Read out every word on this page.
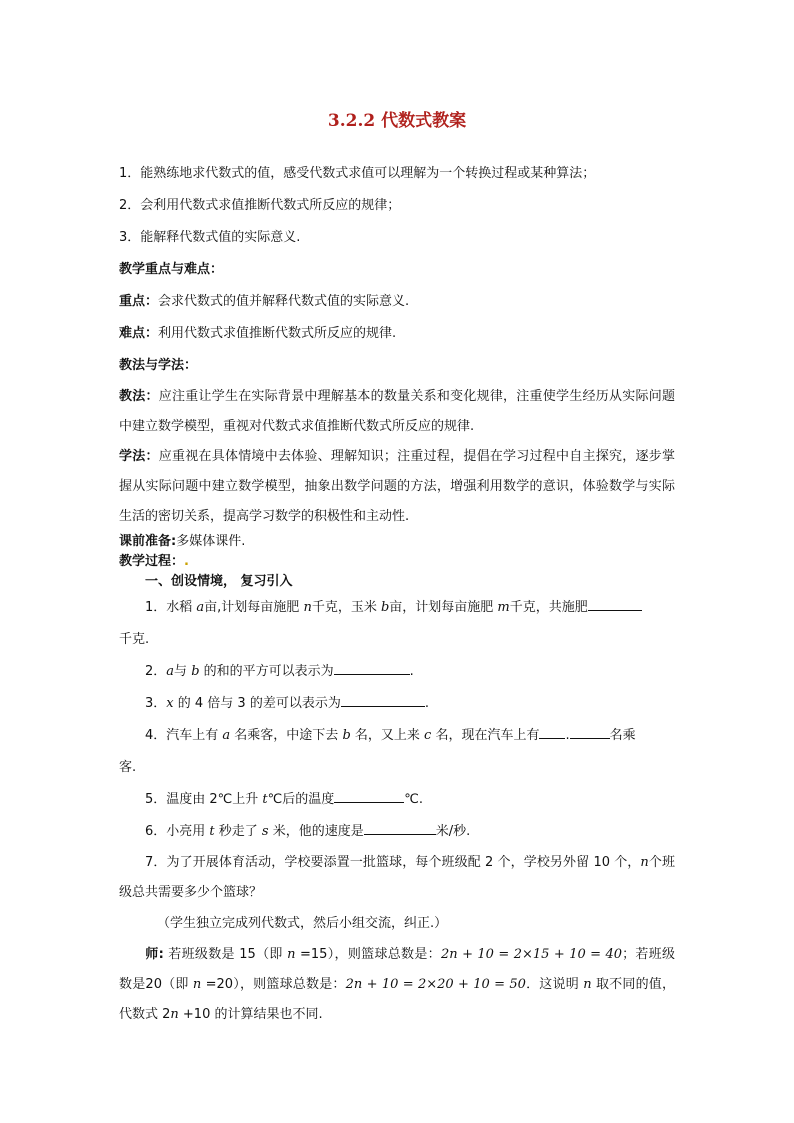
3.2.2 代数式教案

1．能熟练地求代数式的值，感受代数式求值可以理解为一个转换过程或某种算法；

2．会利用代数式求值推断代数式所反应的规律；

3．能解释代数式值的实际意义.

教学重点与难点：

重点：会求代数式的值并解释代数式值的实际意义.

难点：利用代数式求值推断代数式所反应的规律.

教法与学法：

教法：应注重让学生在实际背景中理解基本的数量关系和变化规律，注重使学生经历从实际问题中建立数学模型，重视对代数式求值推断代数式所反应的规律.

学法：应重视在具体情境中去体验、理解知识；注重过程，提倡在学习过程中自主探究，逐步掌握从实际问题中建立数学模型，抽象出数学问题的方法，增强利用数学的意识，体验数学与实际生活的密切关系，提高学习数学的积极性和主动性.

课前准备:多媒体课件.

教学过程：.

一、创设情境， 复习引入

1．水稻 a亩,计划每亩施肥 n千克，玉米 b亩，计划每亩施肥 m千克，共施肥

千克.

2．a与 b 的和的平方可以表示为	.

3．x 的 4 倍与 3 的差可以表示为	.

4．汽车上有 a 名乘客，中途下去 b 名，又上来 c 名，现在汽车上有 .	名乘

客.

5．温度由 2℃上升 t℃后的温度	℃.

6．小亮用 t 秒走了 s 米，他的速度是	米/秒.

7．为了开展体育活动，学校要添置一批篮球，每个班级配 2 个，学校另外留 10 个，n个班级总共需要多少个篮球？

（学生独立完成列代数式，然后小组交流，纠正.）

师: 若班级数是 15（即 n =15），则篮球总数是：2n + 10 = 2×15 + 10 = 40；若班级数是20（即 n =20），则篮球总数是：2n + 10 = 2×20 + 10 = 50．这说明 n 取不同的值，代数式 2n +10 的计算结果也不同.
